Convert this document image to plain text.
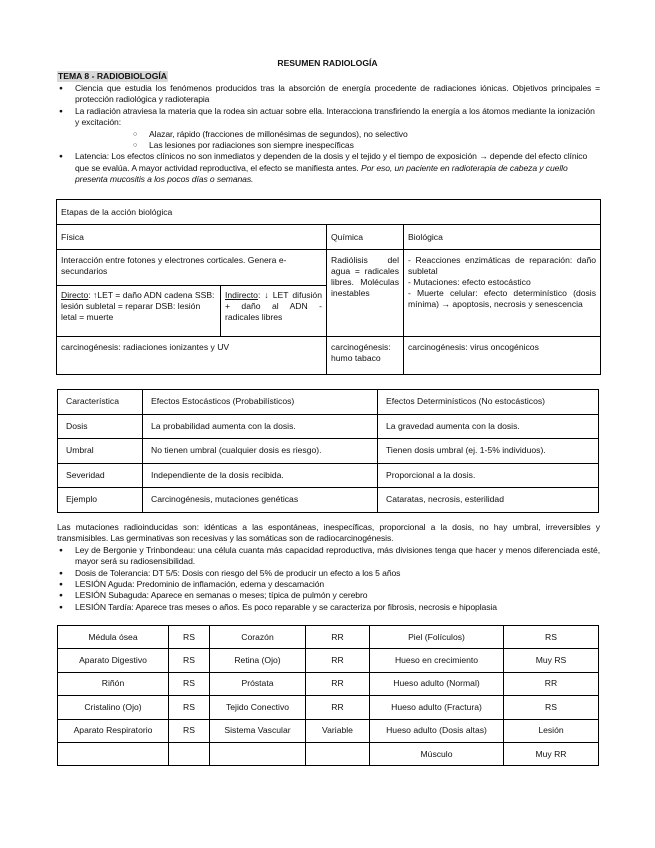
RESUMEN RADIOLOGÍA
TEMA 8 - RADIOBIOLOGÍA
● Ciencia que estudia los fenómenos producidos tras la absorción de energía procedente de radiaciones iónicas. Objetivos principales = protección radiológica y radioterapia
● La radiación atraviesa la materia que la rodea sin actuar sobre ella. Interacciona transfiriendo la energía a los átomos mediante la ionización y excitación:
○ Alazar, rápido (fracciones de millonésimas de segundos), no selectivo
○ Las lesiones por radiaciones son siempre inespecíficas
● Latencia: Los efectos clínicos no son inmediatos y dependen de la dosis y el tejido y el tiempo de exposición → depende del efecto clínico que se evalúa. A mayor actividad reproductiva, el efecto se manifiesta antes. Por eso, un paciente en radioterapia de cabeza y cuello presenta mucositis a los pocos días o semanas.
Etapas de la acción biológica			
Física		Química	Biológica
Interacción entre fotones y electrones corticales. Genera e- secundarios		Radiólisis del agua = radicales libres. Moléculas inestables	- Reacciones enzimáticas de reparación: daño subletal
- Mutaciones: efecto estocástico
- Muerte celular: efecto determinístico (dosis mínima) → apoptosis, necrosis y senescencia

Directo: ↑LET = daño ADN cadena SSB: lesión subletal = reparar DSB: lesión letal = muerte	Indirecto: ↓ LET difusión + daño al ADN - radicales libres		
carcinogénesis: radiaciones ionizantes y UV		carcinogénesis: humo tabaco	carcinogénesis: virus oncogénicos
Característica	Efectos Estocásticos (Probabilísticos)	Efectos Determinísticos (No estocásticos)
Dosis	La probabilidad aumenta con la dosis.	La gravedad aumenta con la dosis.
Umbral	No tienen umbral (cualquier dosis es riesgo).	Tienen dosis umbral (ej. 1-5% individuos).
Severidad	Independiente de la dosis recibida.	Proporcional a la dosis.
Ejemplo	Carcinogénesis, mutaciones genéticas	Cataratas, necrosis, esterilidad
Las mutaciones radioinducidas son: idénticas a las espontáneas, inespecíficas, proporcional a la dosis, no hay umbral, irreversibles y transmisibles. Las germinativas son recesivas y las somáticas son de radiocarcinogénesis.
● Ley de Bergonie y Trinbondeau: una célula cuanta más capacidad reproductiva, más divisiones tenga que hacer y menos diferenciada esté, mayor será su radiosensibilidad.
● Dosis de Tolerancia: DT 5/5: Dosis con riesgo del 5% de producir un efecto a los 5 años
● LESIÓN Aguda: Predominio de inflamación, edema y descamación
● LESIÓN Subaguda: Aparece en semanas o meses; típica de pulmón y cerebro
● LESIÓN Tardía: Aparece tras meses o años. Es poco reparable y se caracteriza por fibrosis, necrosis e hipoplasia
Médula ósea	RS	Corazón	RR	Piel (Folículos)	RS
Aparato Digestivo	RS	Retina (Ojo)	RR	Hueso en crecimiento	Muy RS
Riñón	RS	Próstata	RR	Hueso adulto (Normal)	RR
Cristalino (Ojo)	RS	Tejido Conectivo	RR	Hueso adulto (Fractura)	RS
Aparato Respiratorio	RS	Sistema Vascular	Variable	Hueso adulto (Dosis altas)	Lesión
				Músculo	Muy RR
